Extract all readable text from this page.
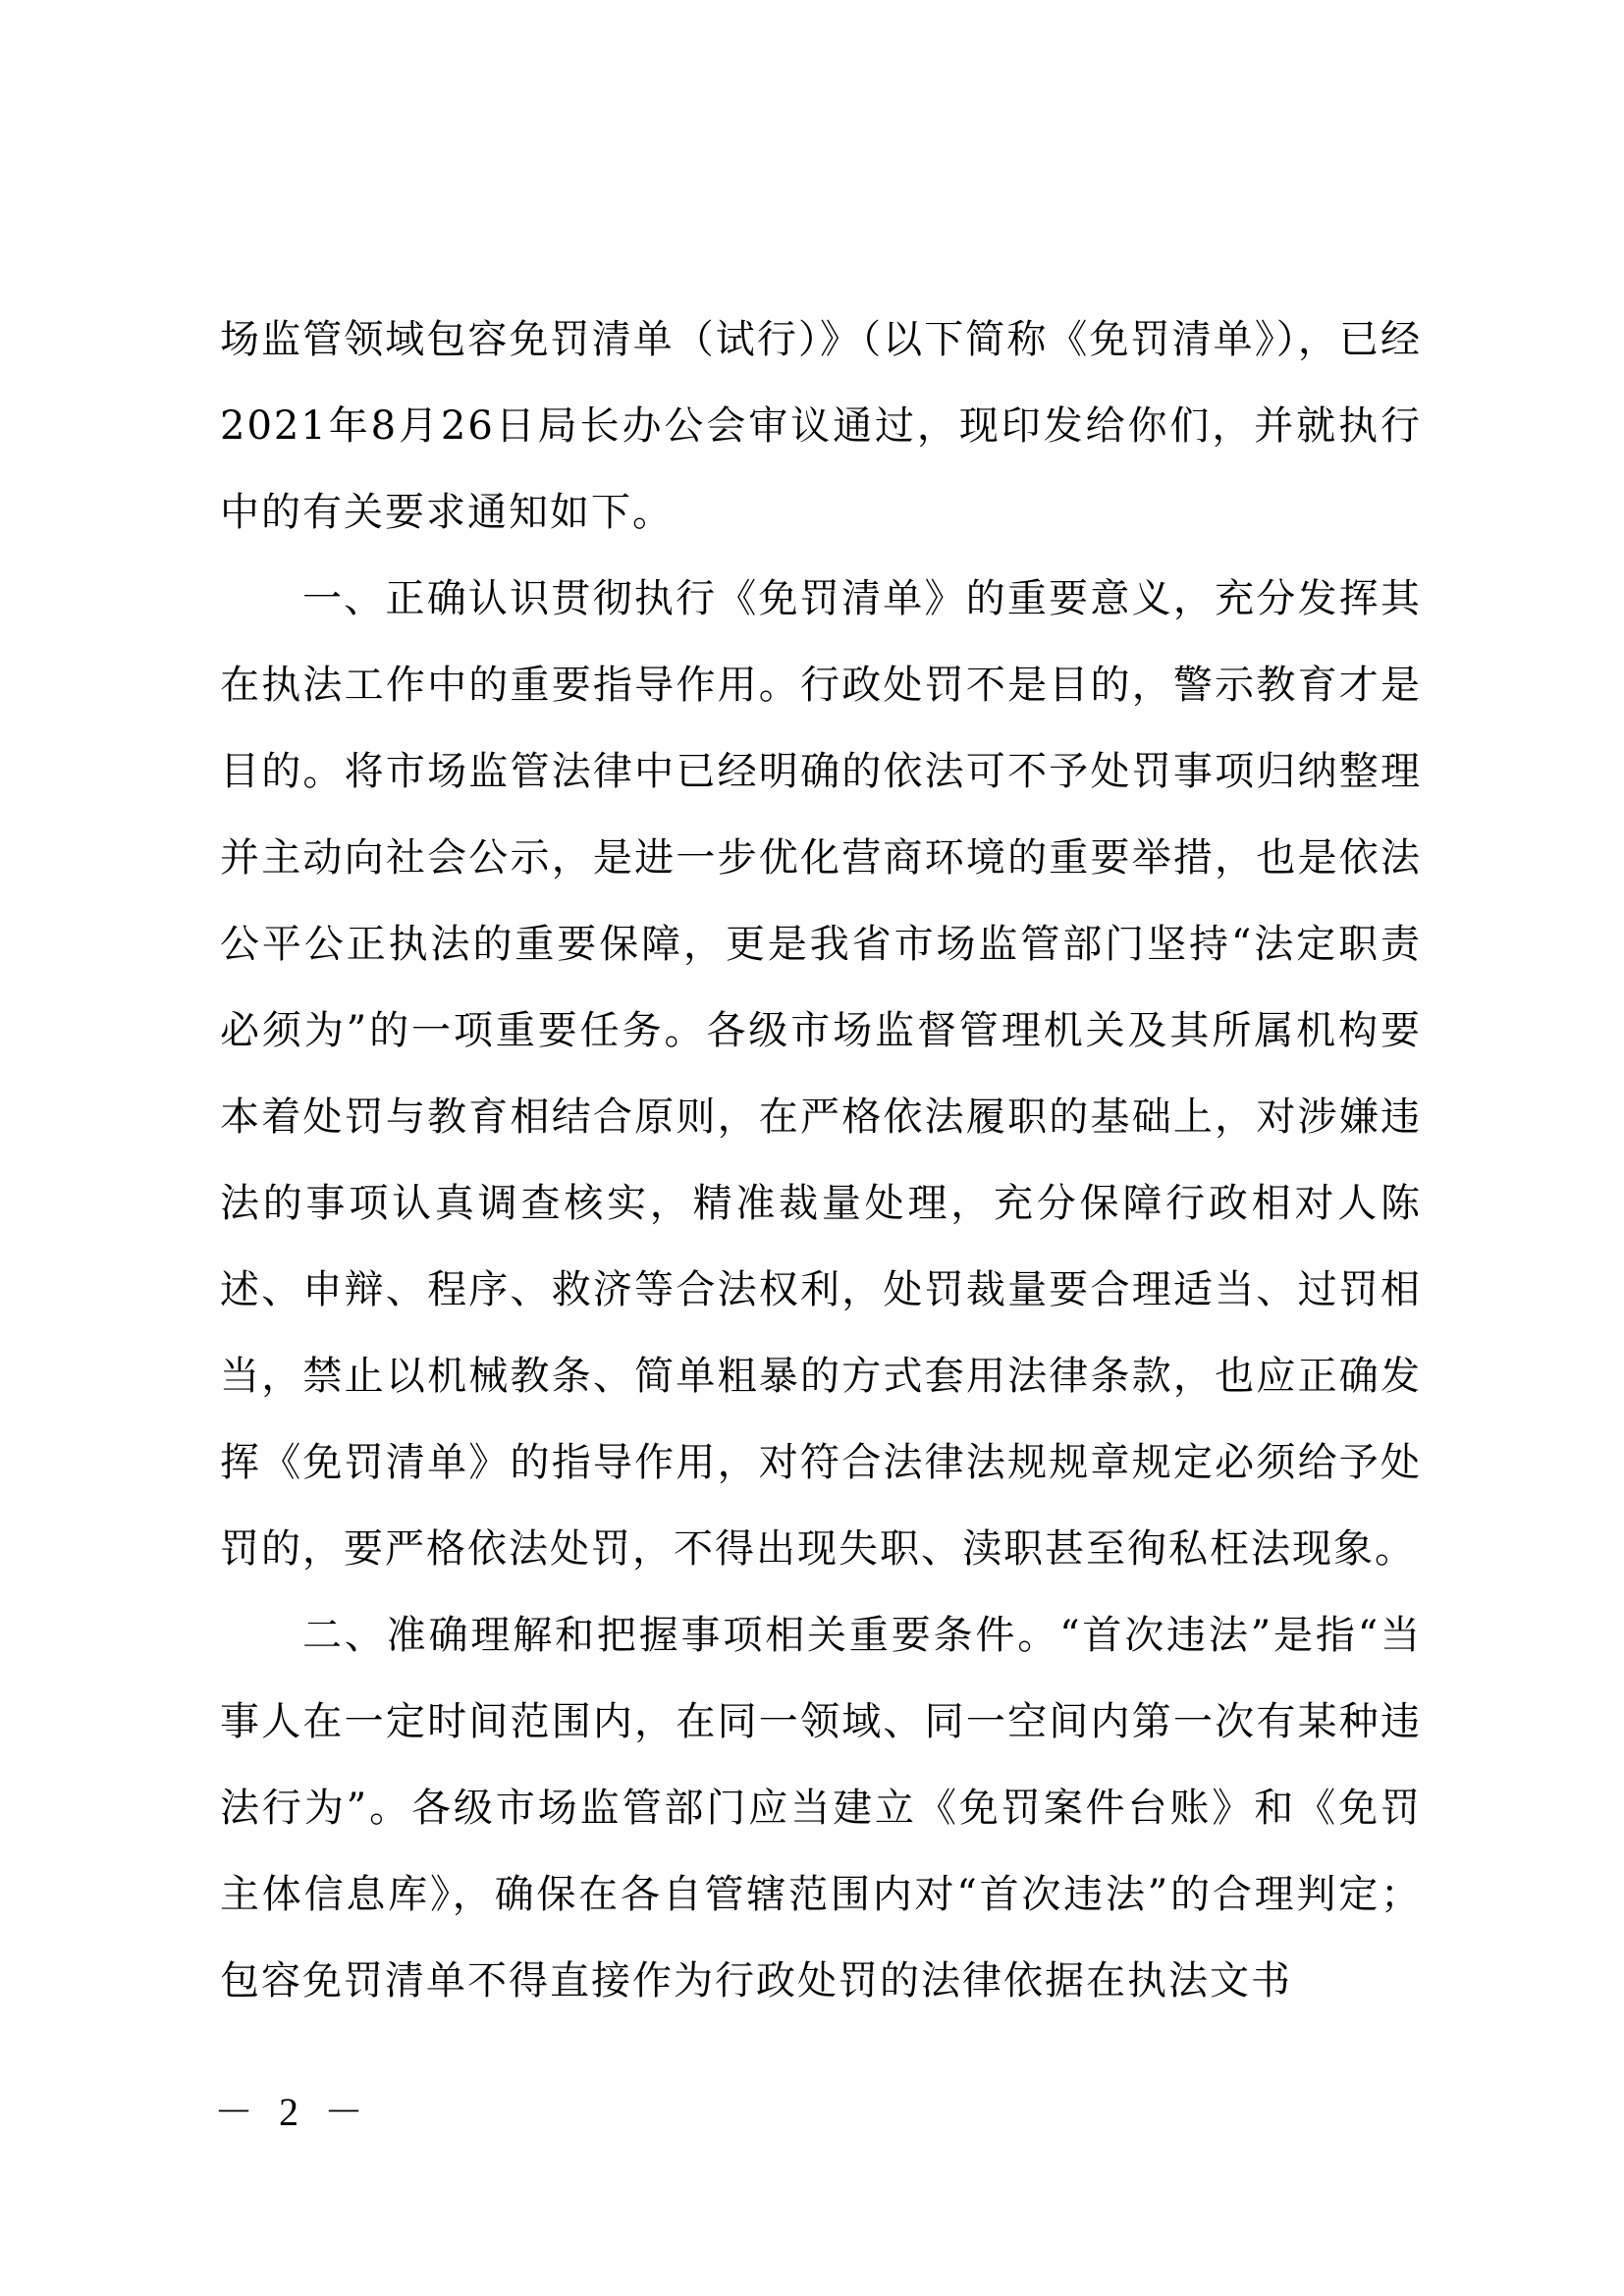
场监管领域包容免罚清单（试行）》（以下简称《免罚清单》），已经2021年8月26日局长办公会审议通过，现印发给你们，并就执行中的有关要求通知如下。

一、正确认识贯彻执行《免罚清单》的重要意义，充分发挥其在执法工作中的重要指导作用。行政处罚不是目的，警示教育才是目的。将市场监管法律中已经明确的依法可不予处罚事项归纳整理并主动向社会公示，是进一步优化营商环境的重要举措，也是依法公平公正执法的重要保障，更是我省市场监管部门坚持“法定职责必须为”的一项重要任务。各级市场监督管理机关及其所属机构要本着处罚与教育相结合原则，在严格依法履职的基础上，对涉嫌违法的事项认真调查核实，精准裁量处理，充分保障行政相对人陈述、申辩、程序、救济等合法权利，处罚裁量要合理适当、过罚相当，禁止以机械教条、简单粗暴的方式套用法律条款，也应正确发挥《免罚清单》的指导作用，对符合法律法规规章规定必须给予处罚的，要严格依法处罚，不得出现失职、渎职甚至徇私枉法现象。

二、准确理解和把握事项相关重要条件。“首次违法”是指“当事人在一定时间范围内，在同一领域、同一空间内第一次有某种违法行为”。各级市场监管部门应当建立《免罚案件台账》和《免罚主体信息库》，确保在各自管辖范围内对“首次违法”的合理判定；包容免罚清单不得直接作为行政处罚的法律依据在执法文书

－ 2 －
